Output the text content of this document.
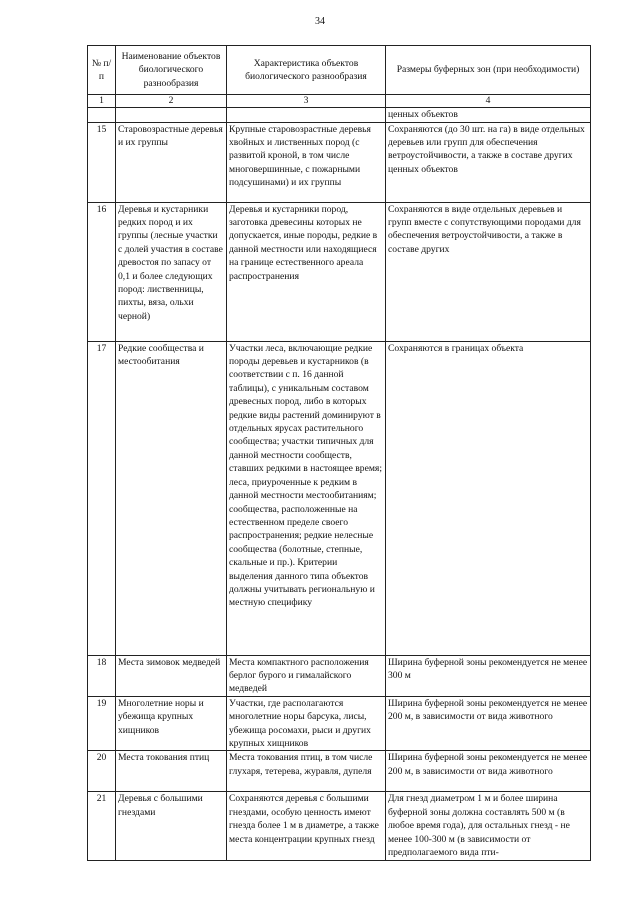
34
№ п/п	Наименование объектов биологического разнообразия	Характеристика объектов биологического разнообразия	Размеры буферных зон (при необходимости)
1	2	3	4
			ценных объектов
15	Старовозрастные деревья и их группы	Крупные старовозрастные деревья хвойных и лиственных пород (с развитой кроной, в том числе многовершинные, с пожарными подсушинами) и их группы	Сохраняются (до 30 шт. на га) в виде отдельных деревьев или групп для обеспечения ветроустойчивости, а также в составе других ценных объектов
16	Деревья и кустарники редких пород и их группы (лесные участки с долей участия в составе древостоя по запасу от 0,1 и более следующих пород: лиственницы, пихты, вяза, ольхи черной)	Деревья и кустарники пород, заготовка древесины которых не допускается, иные породы, редкие в данной местности или находящиеся на границе естественного ареала распространения	Сохраняются в виде отдельных деревьев и групп вместе с сопутствующими породами для обеспечения ветроустойчивости, а также в составе других
17	Редкие сообщества и местообитания	Участки леса, включающие редкие породы деревьев и кустарников (в соответствии с п. 16 данной таблицы), с уникальным составом древесных пород, либо в которых редкие виды растений доминируют в отдельных ярусах растительного сообщества; участки типичных для данной местности сообществ, ставших редкими в настоящее время; леса, приуроченные к редким в данной местности местообитаниям; сообщества, расположенные на естественном пределе своего распространения; редкие нелесные сообщества (болотные, степные, скальные и пр.). Критерии выделения данного типа объектов должны учитывать региональную и местную специфику	Сохраняются в границах объекта
18	Места зимовок медведей	Места компактного расположения берлог бурого и гималайского медведей	Ширина буферной зоны рекомендуется не менее 300 м
19	Многолетние норы и убежища крупных хищников	Участки, где располагаются многолетние норы барсука, лисы, убежища росомахи, рыси и других крупных хищников	Ширина буферной зоны рекомендуется не менее 200 м, в зависимости от вида животного
20	Места токования птиц	Места токования птиц, в том числе глухаря, тетерева, журавля, дупеля	Ширина буферной зоны рекомендуется не менее 200 м, в зависимости от вида животного
21	Деревья с большими гнездами	Сохраняются деревья с большими гнездами, особую ценность имеют гнезда более 1 м в диаметре, а также места концентрации крупных гнезд	Для гнезд диаметром 1 м и более ширина буферной зоны должна составлять 500 м (в любое время года), для остальных гнезд - не менее 100-300 м (в зависимости от предполагаемого вида пти-
